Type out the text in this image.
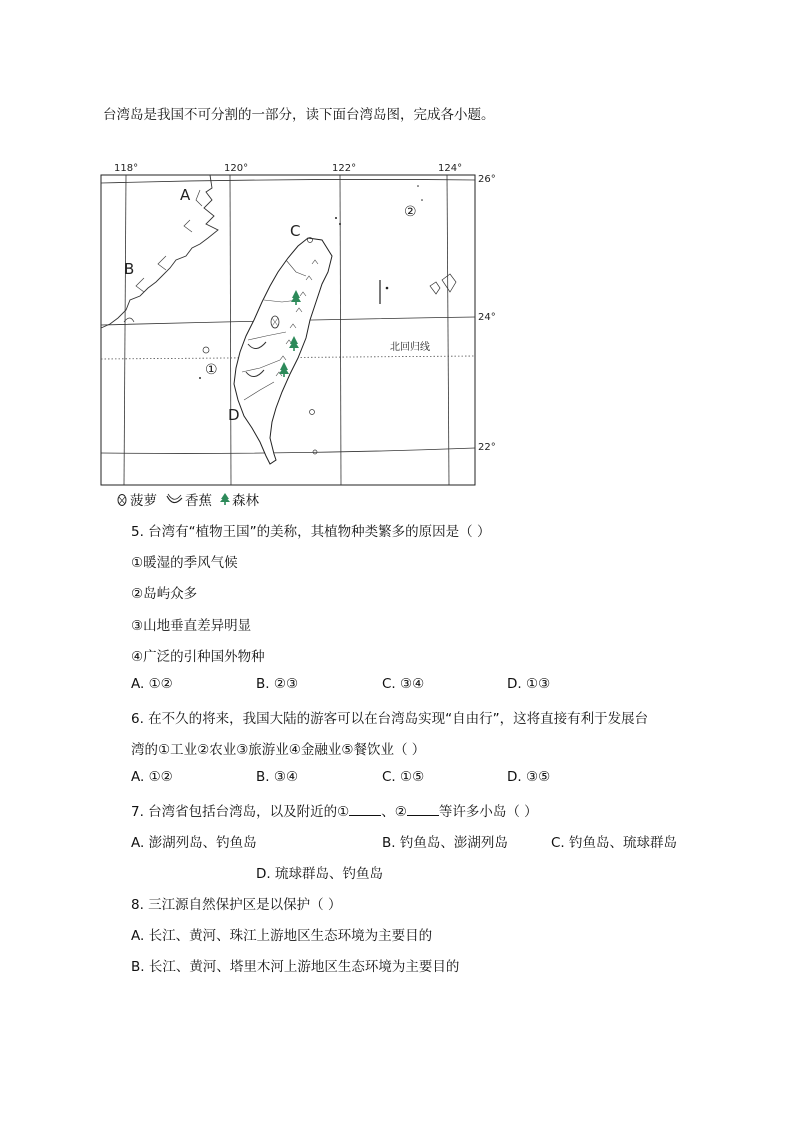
台湾岛是我国不可分割的一部分，读下面台湾岛图，完成各小题。
118°	120°	122°	124°
26°
24°
22°
A
B
C
D
①
②
北回归线
菠萝 香蕉 森林
5. 台湾有“植物王国”的美称，其植物种类繁多的原因是（ ）
①暖湿的季风气候
②岛屿众多
③山地垂直差异明显
④广泛的引种国外物种
A. ①②	B. ②③	C. ③④	D. ①③
6. 在不久的将来，我国大陆的游客可以在台湾岛实现“自由行”，这将直接有利于发展台
湾的①工业②农业③旅游业④金融业⑤餐饮业（ ）
A. ①②	B. ③④	C. ①⑤	D. ③⑤
7. 台湾省包括台湾岛，以及附近的① 、② 等许多小岛（ ）
A. 澎湖列岛、钓鱼岛	B. 钓鱼岛、澎湖列岛	C. 钓鱼岛、琉球群岛
D. 琉球群岛、钓鱼岛
8. 三江源自然保护区是以保护（ ）
A. 长江、黄河、珠江上游地区生态环境为主要目的
B. 长江、黄河、塔里木河上游地区生态环境为主要目的
